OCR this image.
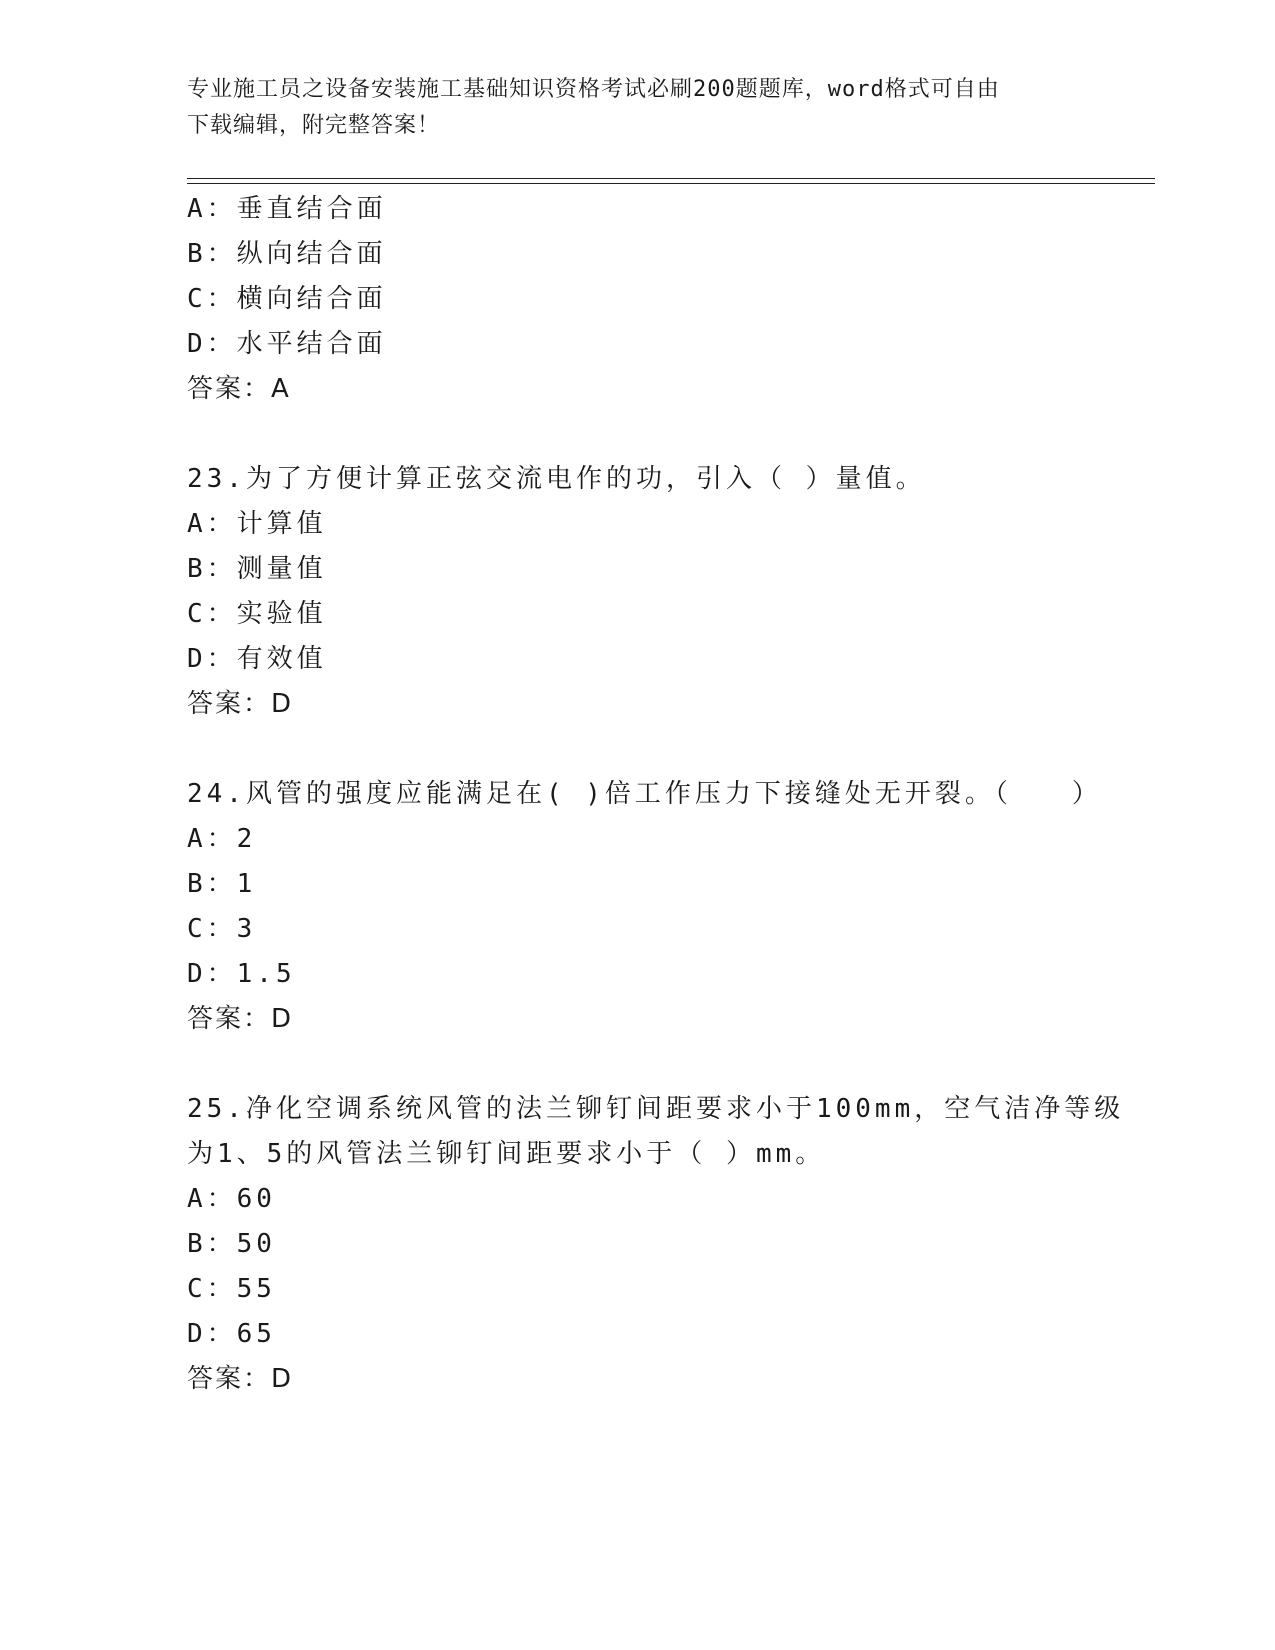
专业施工员之设备安装施工基础知识资格考试必刷200题题库，word格式可自由
下载编辑，附完整答案！
A：垂直结合面
B：纵向结合面
C：横向结合面
D：水平结合面
答案：A
23.为了方便计算正弦交流电作的功，引入（ ）量值。
A：计算值
B：测量值
C：实验值
D：有效值
答案：D
24.风管的强度应能满足在( )倍工作压力下接缝处无开裂。（　　）
A：2
B：1
C：3
D：1.5
答案：D
25.净化空调系统风管的法兰铆钉间距要求小于100mm，空气洁净等级
为1、5的风管法兰铆钉间距要求小于（ ）mm。
A：60
B：50
C：55
D：65
答案：D
